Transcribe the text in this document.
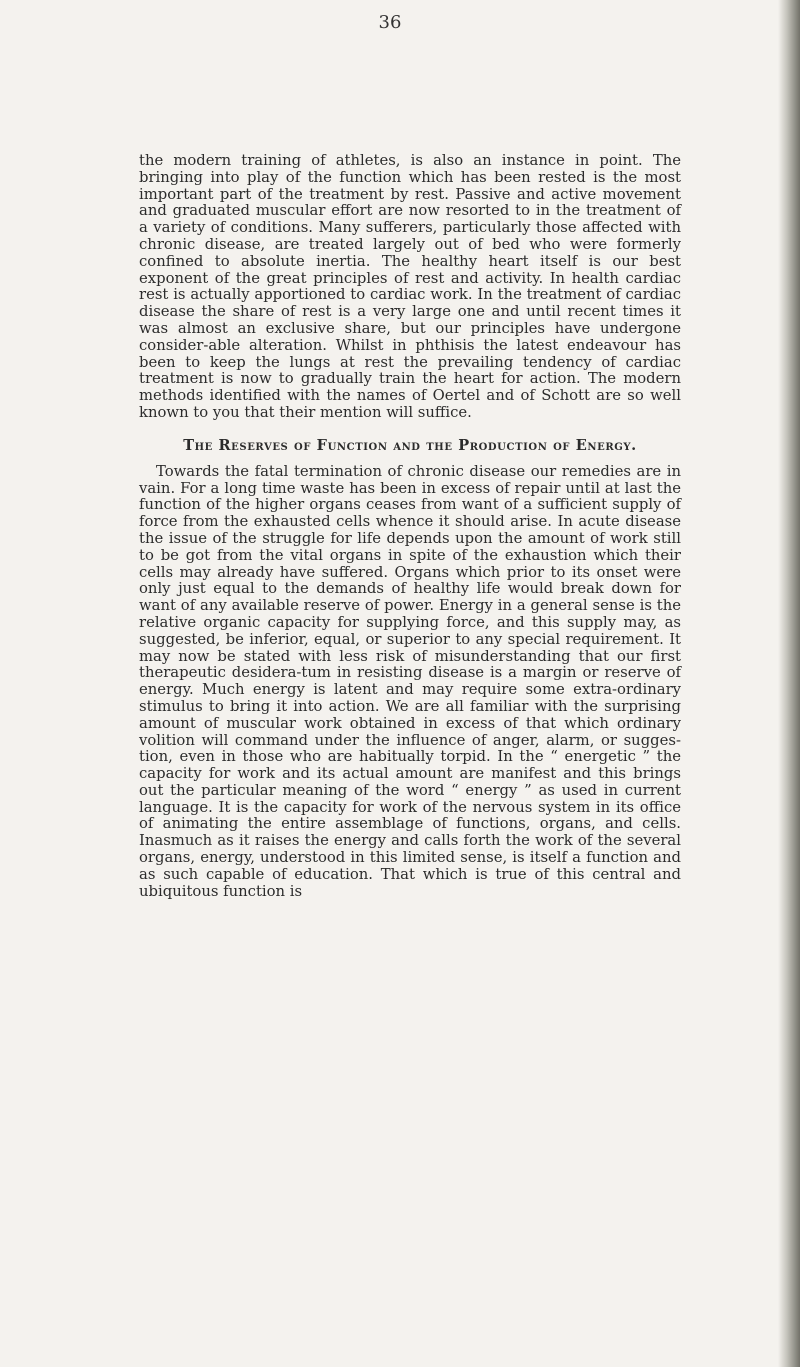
36

the modern training of athletes, is also an instance in point. The bringing into play of the function which has been rested is the most important part of the treatment by rest. Passive and active movement and graduated muscular effort are now resorted to in the treatment of a variety of conditions. Many sufferers, particularly those affected with chronic disease, are treated largely out of bed who were formerly confined to absolute inertia. The healthy heart itself is our best exponent of the great principles of rest and activity. In health cardiac rest is actually apportioned to cardiac work. In the treatment of cardiac disease the share of rest is a very large one and until recent times it was almost an exclusive share, but our principles have undergone consider-able alteration. Whilst in phthisis the latest endeavour has been to keep the lungs at rest the prevailing tendency of cardiac treatment is now to gradually train the heart for action. The modern methods identified with the names of Oertel and of Schott are so well known to you that their mention will suffice.

The Reserves of Function and the Production of Energy.

Towards the fatal termination of chronic disease our remedies are in vain. For a long time waste has been in excess of repair until at last the function of the higher organs ceases from want of a sufficient supply of force from the exhausted cells whence it should arise. In acute disease the issue of the struggle for life depends upon the amount of work still to be got from the vital organs in spite of the exhaustion which their cells may already have suffered. Organs which prior to its onset were only just equal to the demands of healthy life would break down for want of any available reserve of power. Energy in a general sense is the relative organic capacity for supplying force, and this supply may, as suggested, be inferior, equal, or superior to any special requirement. It may now be stated with less risk of misunderstanding that our first therapeutic desidera-tum in resisting disease is a margin or reserve of energy. Much energy is latent and may require some extra-ordinary stimulus to bring it into action. We are all familiar with the surprising amount of muscular work obtained in excess of that which ordinary volition will command under the influence of anger, alarm, or sugges-tion, even in those who are habitually torpid. In the “ energetic ” the capacity for work and its actual amount are manifest and this brings out the particular meaning of the word “ energy ” as used in current language. It is the capacity for work of the nervous system in its office of animating the entire assemblage of functions, organs, and cells. Inasmuch as it raises the energy and calls forth the work of the several organs, energy, understood in this limited sense, is itself a function and as such capable of education. That which is true of this central and ubiquitous function is
